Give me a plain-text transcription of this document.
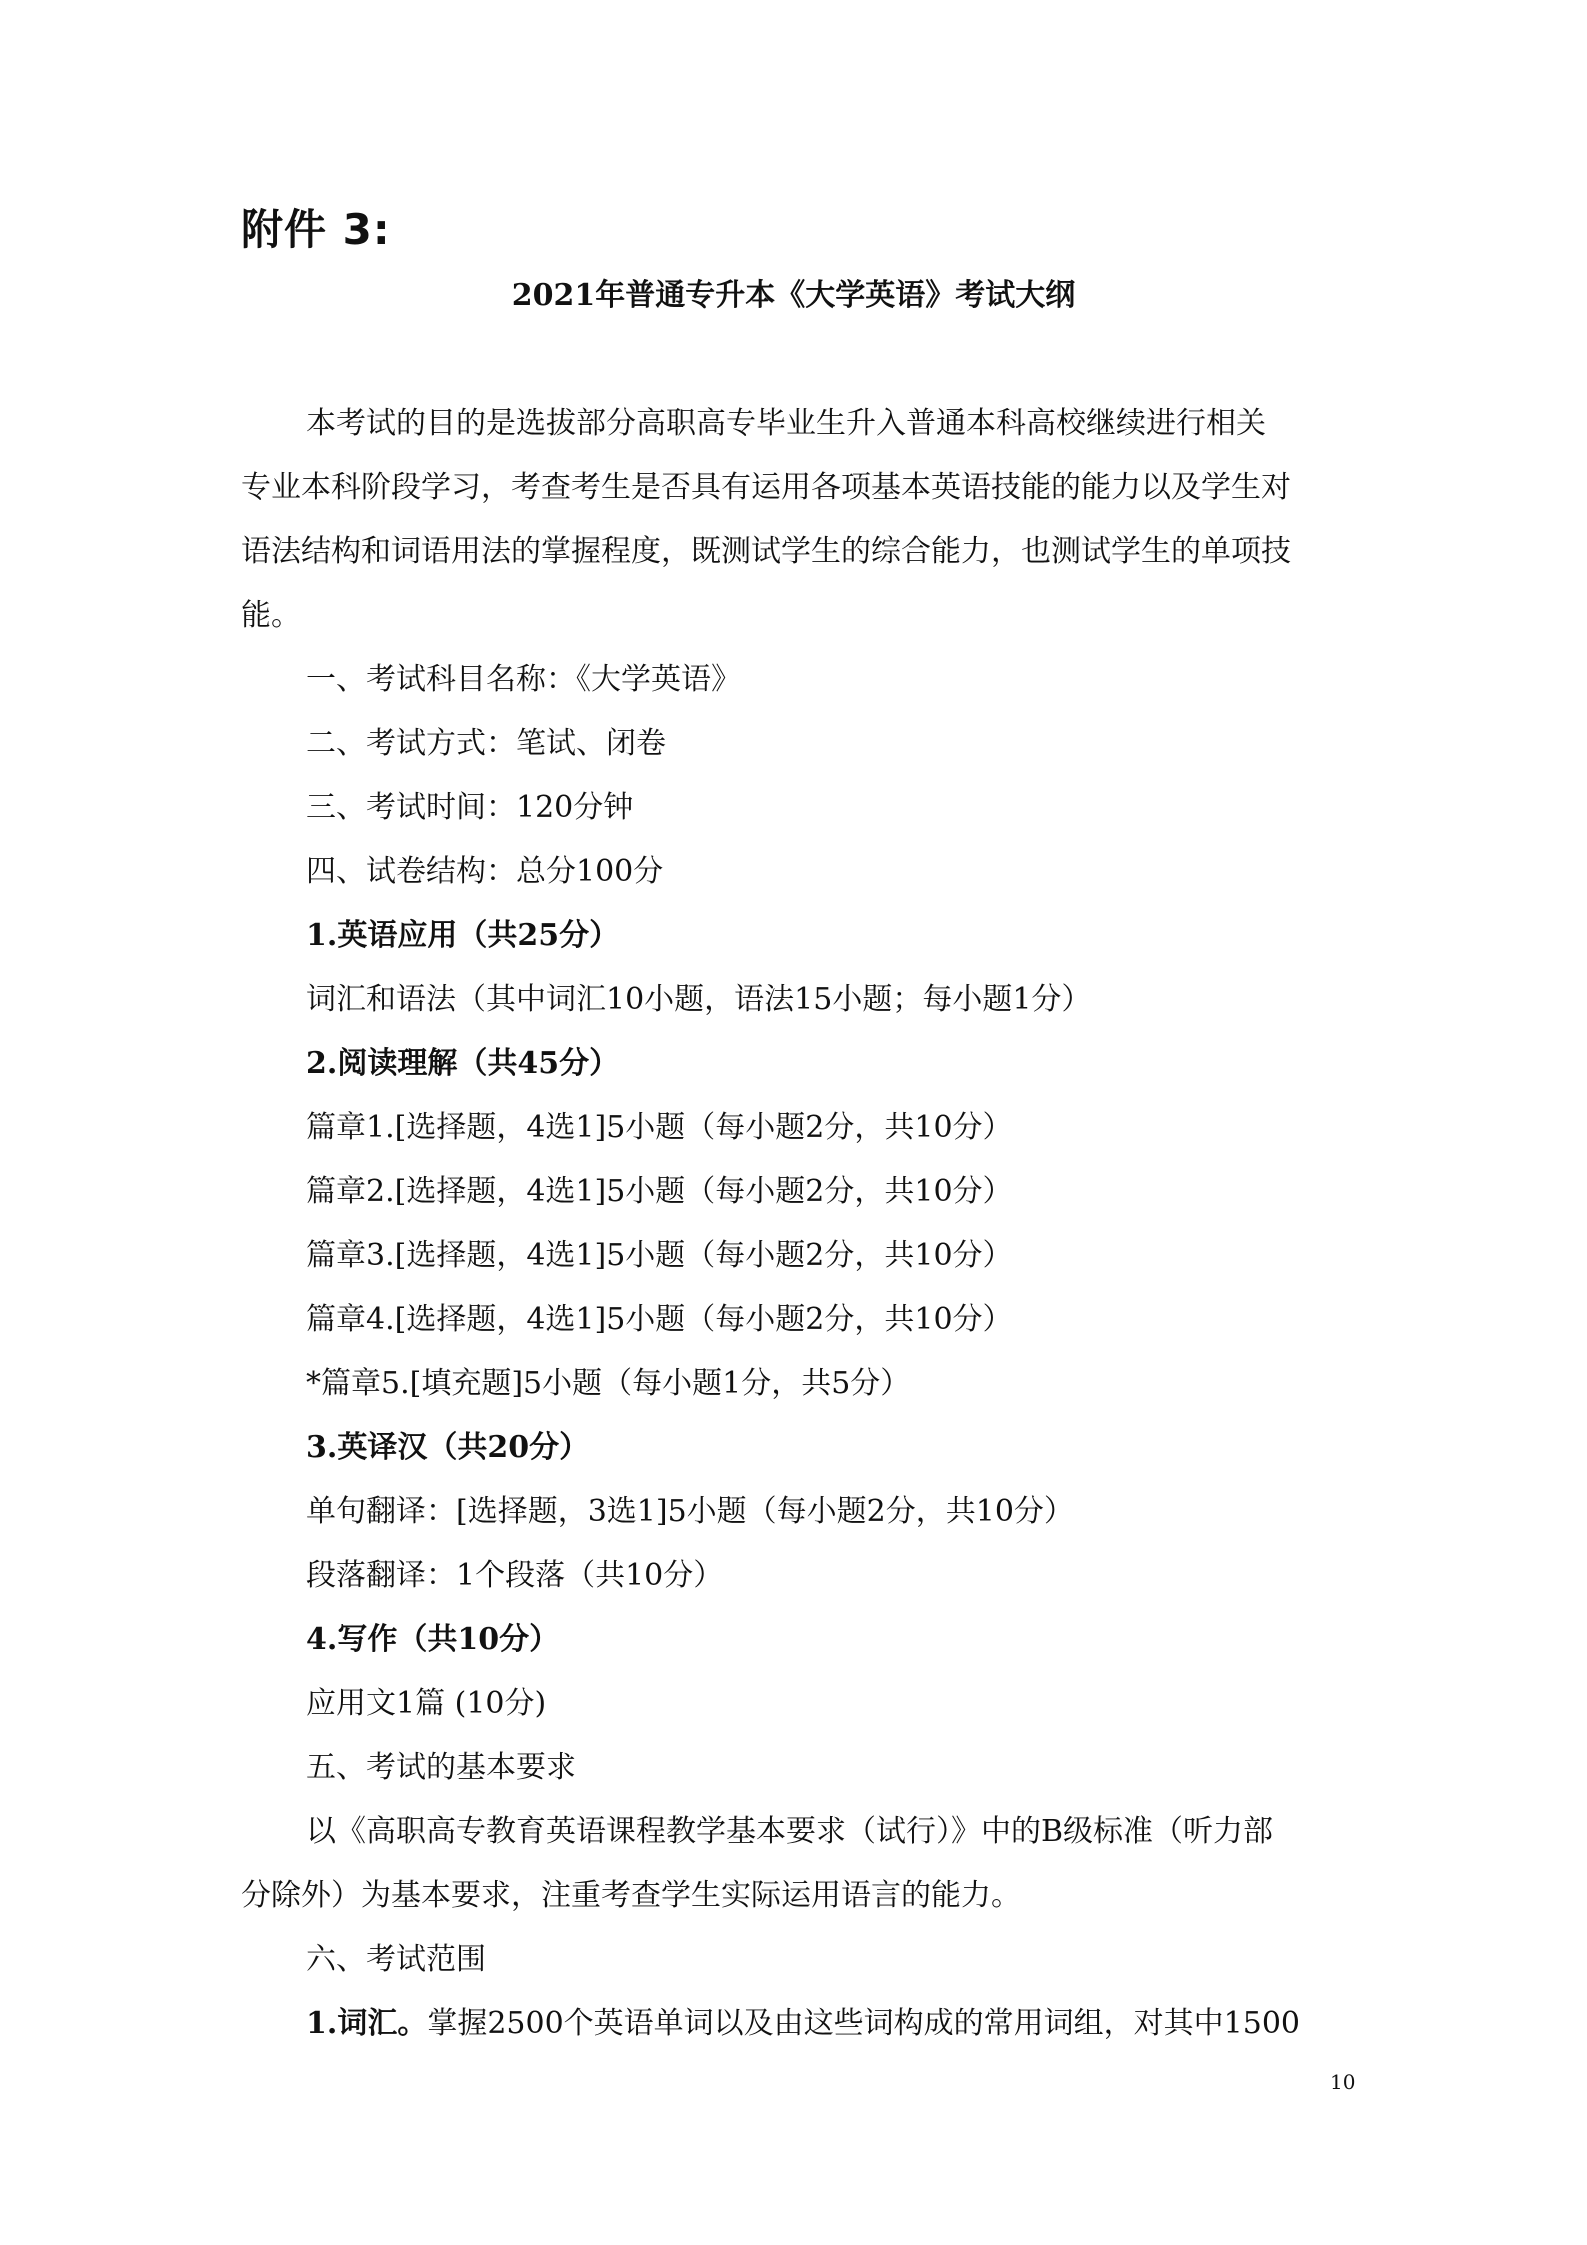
附件 3:
2021年普通专升本《大学英语》考试大纲
本考试的目的是选拔部分高职高专毕业生升入普通本科高校继续进行相关
专业本科阶段学习，考查考生是否具有运用各项基本英语技能的能力以及学生对
语法结构和词语用法的掌握程度，既测试学生的综合能力，也测试学生的单项技
能。
一、考试科目名称：《大学英语》
二、考试方式：笔试、闭卷
三、考试时间：120分钟
四、试卷结构：总分100分
1.英语应用（共25分）
词汇和语法（其中词汇10小题，语法15小题；每小题1分）
2.阅读理解（共45分）
篇章1.[选择题，4选1]5小题（每小题2分，共10分）
篇章2.[选择题，4选1]5小题（每小题2分，共10分）
篇章3.[选择题，4选1]5小题（每小题2分，共10分）
篇章4.[选择题，4选1]5小题（每小题2分，共10分）
*篇章5.[填充题]5小题（每小题1分，共5分）
3.英译汉（共20分）
单句翻译：[选择题，3选1]5小题（每小题2分，共10分）
段落翻译：1个段落（共10分）
4.写作（共10分）
应用文1篇 (10分)
五、考试的基本要求
以《高职高专教育英语课程教学基本要求（试行）》中的B级标准（听力部
分除外）为基本要求，注重考查学生实际运用语言的能力。
六、考试范围
1.词汇。掌握2500个英语单词以及由这些词构成的常用词组，对其中1500
10
